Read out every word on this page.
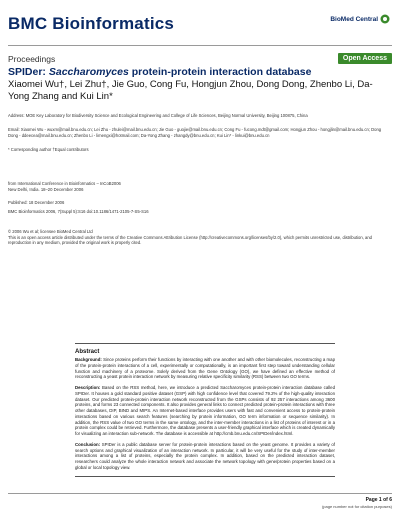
BMC Bioinformatics	BioMed Central
Proceedings	Open Access
SPIDer: Saccharomyces protein-protein interaction database
Xiaomei Wu†, Lei Zhu†, Jie Guo, Cong Fu, Hongjun Zhou, Dong Dong, Zhenbo Li, Da-Yong Zhang and Kui Lin*
Address: MOE Key Laboratory for Biodiversity Science and Ecological Engineering and College of Life Sciences, Beijing Normal University, Beijing 100875, China
Email: Xiaomei Wu - wuxm@mail.bnu.edu.cn; Lei Zhu - zhulei@mail.bnu.edu.cn; Jie Guo - guojie@mail.bnu.edu.cn; Cong Fu - fucong.mdt@gmail.com; Hongjun Zhou - hongjlin@mail.bnu.edu.cn; Dong Dong - ddeecea@mail.bnu.edu.cn; Zhenbo Li - limengxi@hotmail.com; Da-Yong Zhang - zhangdy@bnu.edu.cn; Kui Lin* - linkui@bnu.edu.cn
* Corresponding author †Equal contributors
from International Conference in Bioinformatics – InCoB2006
New Delhi, India. 18–20 December 2006
Published: 18 December 2006
BMC Bioinformatics 2006, 7(Suppl 5):S16 doi:10.1186/1471-2105-7-S5-S16
© 2006 Wu et al; licensee BioMed Central Ltd
This is an open access article distributed under the terms of the Creative Commons Attribution License (http://creativecommons.org/licenses/by/2.0), which permits unrestricted use, distribution, and reproduction in any medium, provided the original work is properly cited.
Abstract

Background: Since proteins perform their functions by interacting with one another and with other biomolecules, reconstructing a map of the protein-protein interactions of a cell, experimentally or computationally, is an important first step toward understanding cellular function and machinery of a proteome. Solely derived from the Gene Ontology (GO), we have defined an effective method of reconstructing a yeast protein interaction network by measuring relative specificity similarity (RSS) between two GO terms.

Description: Based on the RSS method, here, we introduce a predicted Saccharomyces protein-protein interaction database called SPIDer. It houses a gold standard positive dataset (GSP) with high confidence level that covered 79.2% of the high-quality interaction dataset. Our predicted protein-protein interaction network reconstructed from the GSPs consists of 92 257 interactions among 3600 proteins, and forms 23 connected components. It also provides general links to connect predicted protein-protein interactions with three other databases, DIP, BIND and MIPS. An Internet-based interface provides users with fast and convenient access to protein-protein interactions based on various search features (searching by protein information, GO term information or sequence similarity). In addition, the RSS value of two GO terms in the same ontology, and the inter-member interactions in a list of proteins of interest or in a protein complex could be retrieved. Furthermore, the database presents a user-friendly graphical interface which is created dynamically for visualizing an interaction sub-network. The database is accessible at http://cmb.bnu.edu.cn/SPIDer/index.html.

Conclusion: SPIDer is a public database server for protein-protein interactions based on the yeast genome. It provides a variety of search options and graphical visualization of an interaction network. In particular, it will be very useful for the study of inter-member interactions among a list of proteins, especially the protein complex. In addition, based on the predicted interaction dataset, researchers could analyze the whole interaction network and associate the network topology with gene/protein properties based on a global or local topology view.

Page 1 of 6
(page number not for citation purposes)
